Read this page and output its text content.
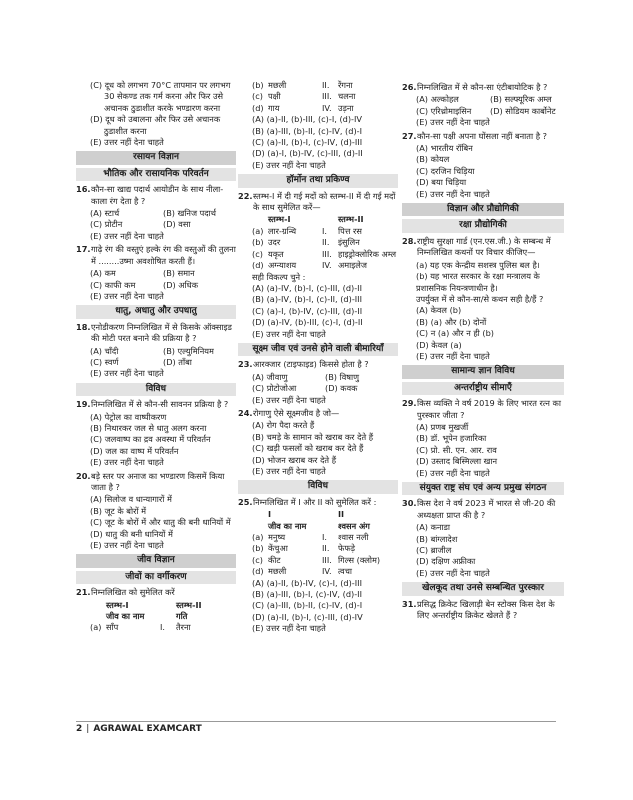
(C) दूध को लगभग 70°C तापमान पर लगभग
30 सेकण्ड तक गर्म करना और फिर उसे
अचानक ठुडाशीत करके भण्डारण करना
(D) दूध को उबालना और फिर उसे अचानक
ठुडाशीत करना
(E) उत्तर नहीं देना चाहते
रसायन विज्ञान
भौतिक और रासायनिक परिवर्तन
16. कौन-सा खाद्य पदार्थ आयोडीन के साथ नीला-काला रंग देता है ?
(A) स्टार्च	(B) खनिज पदार्थ
(C) प्रोटीन	(D) वसा
(E) उत्तर नहीं देना चाहते
17. गाढ़े रंग की वस्तुएं हल्के रंग की वस्तुओं की तुलना में ........उष्मा अवशोषित करती हैं।
(A) कम	(B) समान
(C) काफी कम	(D) अधिक
(E) उत्तर नहीं देना चाहते
धातु, अधातु और उपधातु
18. एनोडीकरण निम्नलिखित में से किसके ऑक्साइड की मोटी परत बनाने की प्रक्रिया है ?
(A) चाँदी	(B) एल्युमिनियम
(C) स्वर्ण	(D) ताँबा
(E) उत्तर नहीं देना चाहते
विविध
19. निम्नलिखित में से कौन-सी सावनन प्रक्रिया है ?
(A) पेट्रोल का वाष्पीकरण
(B) निथारकर जल से धातु अलग करना
(C) जलवाष्प का द्रव अवस्था में परिवर्तन
(D) जल का वाष्प में परिवर्तन
(E) उत्तर नहीं देना चाहते
20. बड़े स्तर पर अनाज का भण्डारण किसमें किया जाता है ?
(A) सिलोज व धान्यागारों में
(B) जूट के बोरों में
(C) जूट के बोरों में और धातु की बनी धानियों में
(D) धातु की बनी धानियों में
(E) उत्तर नहीं देना चाहते
जीव विज्ञान
जीवों का वर्गीकरण
21. निम्नलिखित को सुमेलित करें
स्तम्भ-I	स्तम्भ-II
जीव का नाम	गति
(a) साँप	I.	तैरना
(b) मछली	II.	रेंगना
(c) पक्षी	III. चलना
(d) गाय	IV. उड़ना
(A) (a)-II, (b)-III, (c)-I, (d)-IV
(B) (a)-III, (b)-II, (c)-IV, (d)-I
(C) (a)-II, (b)-I, (c)-IV, (d)-III
(D) (a)-I, (b)-IV, (c)-III, (d)-II
(E) उत्तर नहीं देना चाहते
हॉर्मोन तथा प्रकिण्व
22. स्तम्भ-I में दी गई मदों को स्तम्भ-II में दी गई मदों के साथ सुमेलित करें—
स्तम्भ-I	स्तम्भ-II
(a) लार-ग्रन्थि	I.	पित्त रस
(b) उदर	II.	इंसुलिन
(c) यकृत	III. हाइड्रोक्लोरिक अम्ल
(d) अग्न्याशय	IV. अमाइलेज
सही विकल्प चुने :
(A) (a)-IV, (b)-I, (c)-III, (d)-II
(B) (a)-IV, (b)-I, (c)-II, (d)-III
(C) (a)-I, (b)-IV, (c)-III, (d)-II
(D) (a)-IV, (b)-III, (c)-I, (d)-II
(E) उत्तर नहीं देना चाहते
सूक्ष्म जीव एवं उनसे होने वाली बीमारियाँ
23. आरक्जार (टाइफाइड) किससे होता है ?
(A) जीवाणु	(B) विषाणु
(C) प्रोटोजोआ	(D) कवक
(E) उत्तर नहीं देना चाहते
24. रोगाणु ऐसे सूक्ष्मजीव है जो—
(A) रोग पैदा करते हैं
(B) चमड़े के सामान को खराब कर देते हैं
(C) खड़ी फसलों को खराब कर देते हैं
(D) भोजन खराब कर देते हैं
(E) उत्तर नहीं देना चाहते
विविध
25. निम्नलिखित में I और II को सुमेलित करें :
I	II
जीव का नाम	श्वसन अंग
(a) मनुष्य	I.	श्वास नली
(b) केंचुआ	II.	फेफड़े
(c) कीट	III. गिल्स (क्लोम)
(d) मछली	IV. त्वचा
(A) (a)-II, (b)-IV, (c)-I, (d)-III
(B) (a)-III, (b)-I, (c)-IV, (d)-II
(C) (a)-III, (b)-II, (c)-IV, (d)-I
(D) (a)-II, (b)-I, (c)-III, (d)-IV
(E) उत्तर नहीं देना चाहते
26. निम्नलिखित में से कौन-सा एंटीबायोटिक है ?
(A) अल्कोहल	(B) सल्फ्यूरिक अम्ल
(C) एरिथ्रोमाइसिन	(D) सोडियम कार्बोनेट
(E) उत्तर नहीं देना चाहते
27. कौन-सा पक्षी अपना घोंसला नहीं बनाता है ?
(A) भारतीय रॉबिन
(B) कोयल
(C) दरजिन चिड़िया
(D) बया चिड़िया
(E) उत्तर नहीं देना चाहते
विज्ञान और प्रौद्योगिकी
रक्षा प्रौद्योगिकी
28. राष्ट्रीय सुरक्षा गार्ड (एन.एस.जी.) के सम्बन्ध में निम्नलिखित कथनों पर विचार कीजिए—
(a) यह एक केन्द्रीय सशस्त्र पुलिस बल है।
(b) यह भारत सरकार के रक्षा मन्त्रालय के प्रशासनिक नियन्त्रणाधीन है।
उपर्युक्त में से कौन-सा/से कथन सही है/हैं ?
(A) केवल (b)
(B) (a) और (b) दोनों
(C) न (a) और न ही (b)
(D) केवल (a)
(E) उत्तर नहीं देना चाहते
सामान्य ज्ञान विविध
अन्तर्राष्ट्रीय सीमाएँ
29. किस व्यक्ति ने वर्ष 2019 के लिए भारत रत्न का पुरस्कार जीता ?
(A) प्रणब मुखर्जी
(B) डॉ. भूपेन हजारिका
(C) प्रो. सी. एन. आर. राव
(D) उस्ताद बिस्मिल्ला खान
(E) उत्तर नहीं देना चाहते
संयुक्त राष्ट्र संघ एवं अन्य प्रमुख संगठन
30. किस देश ने वर्ष 2023 में भारत से जी-20 की अध्यक्षता प्राप्त की है ?
(A) कनाडा
(B) बांग्लादेश
(C) ब्राजील
(D) दक्षिण अफ्रीका
(E) उत्तर नहीं देना चाहते
खेलकूद तथा उनसे सम्बन्धित पुरस्कार
31. प्रसिद्ध क्रिकेट खिलाड़ी बेन स्टोक्स किस देश के लिए अन्तर्राष्ट्रीय क्रिकेट खेलते हैं ?
2 | AGRAWAL EXAMCART
